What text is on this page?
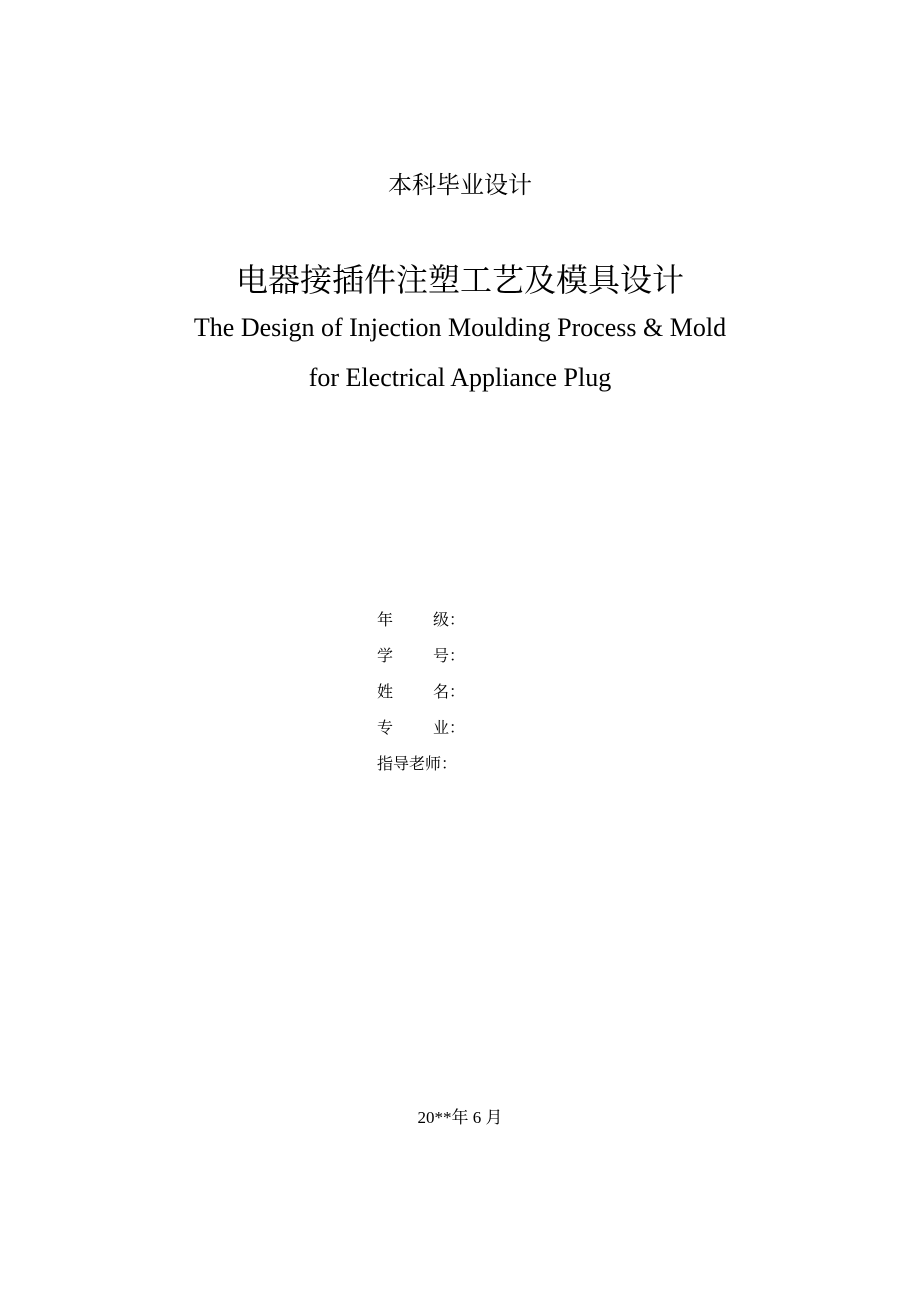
本科毕业设计
电器接插件注塑工艺及模具设计
The Design of Injection Moulding Process & Mold
for Electrical Appliance Plug
年 级 ：
学 号 ：
姓 名 ：
专 业 ：
指导老师 ：
20**年 6 月
